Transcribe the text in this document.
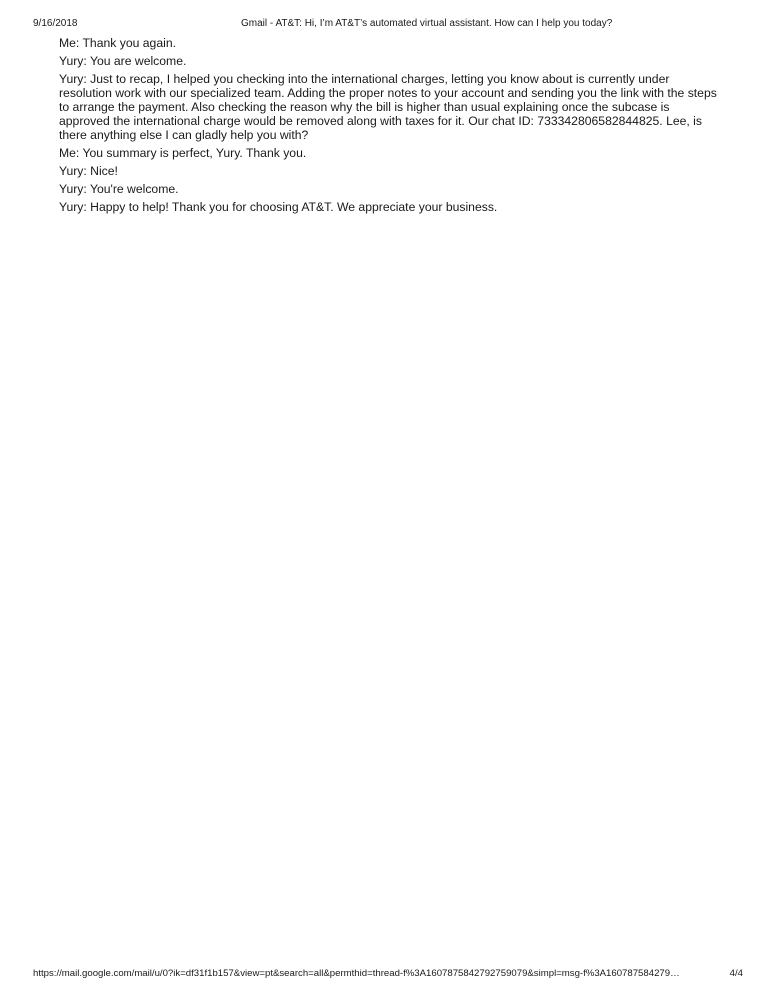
9/16/2018	Gmail - AT&T: Hi, I’m AT&T’s automated virtual assistant. How can I help you today?

Me: Thank you again.

Yury: You are welcome.

Yury: Just to recap, I helped you checking into the international charges, letting you know about is currently under resolution work with our specialized team. Adding the proper notes to your account and sending you the link with the steps to arrange the payment. Also checking the reason why the bill is higher than usual explaining once the subcase is approved the international charge would be removed along with taxes for it. Our chat ID: 733342806582844825. Lee, is there anything else I can gladly help you with?

Me: You summary is perfect, Yury. Thank you.

Yury: Nice!

Yury: You're welcome.

Yury: Happy to help! Thank you for choosing AT&T. We appreciate your business.

https://mail.google.com/mail/u/0?ik=df31f1b157&view=pt&search=all&permthid=thread-f%3A1607875842792759079&simpl=msg-f%3A160787584279…	4/4
